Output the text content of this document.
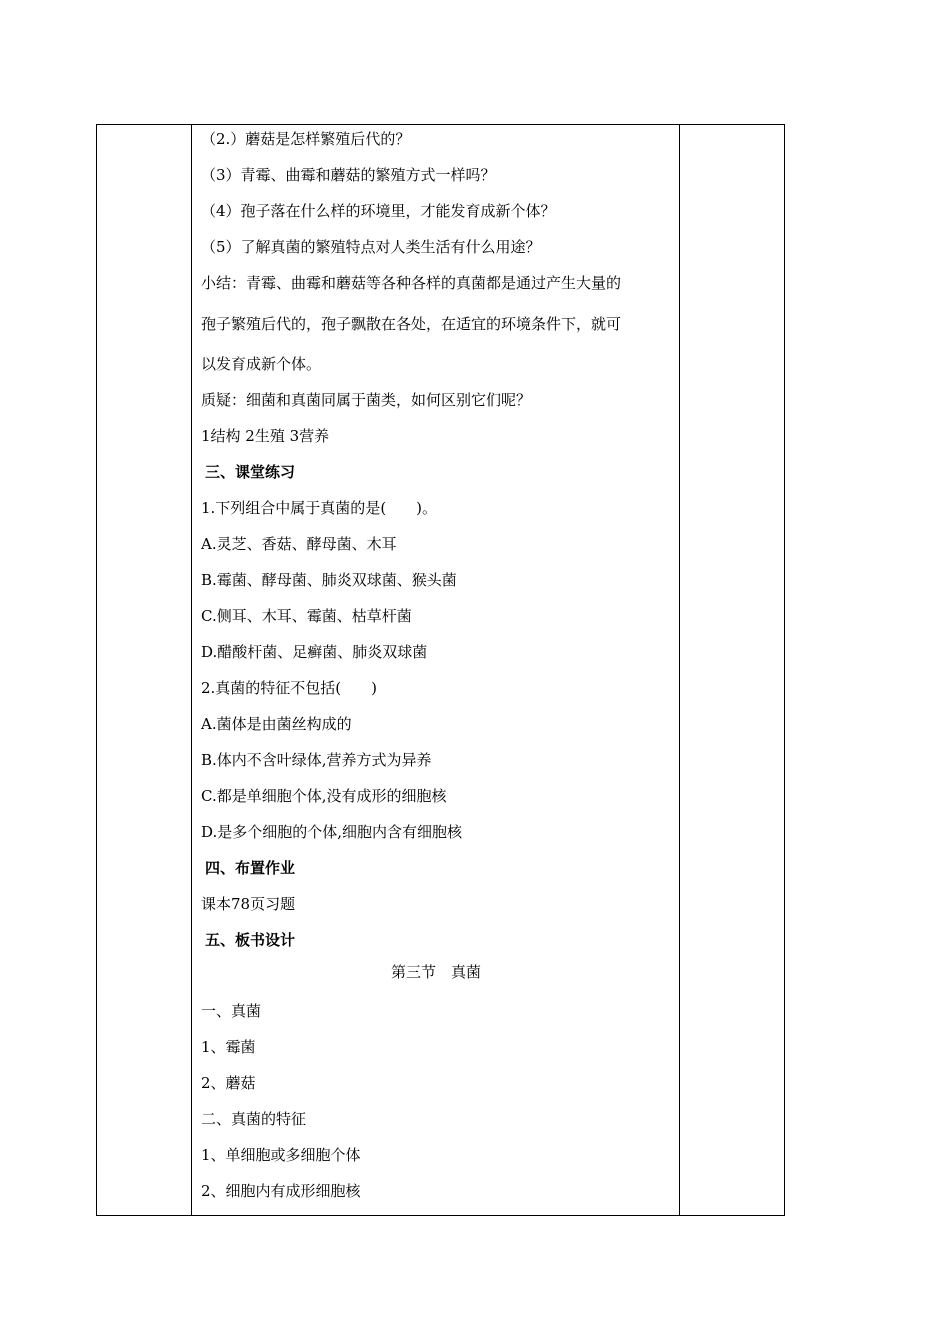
（2.）蘑菇是怎样繁殖后代的？
（3）青霉、曲霉和蘑菇的繁殖方式一样吗？
（4）孢子落在什么样的环境里，才能发育成新个体？
（5）了解真菌的繁殖特点对人类生活有什么用途？
小结：青霉、曲霉和蘑菇等各种各样的真菌都是通过产生大量的
孢子繁殖后代的，孢子飘散在各处，在适宜的环境条件下，就可
以发育成新个体。
质疑：细菌和真菌同属于菌类，如何区别它们呢？
1结构 2生殖 3营养
三、课堂练习
1.下列组合中属于真菌的是(　　)。
A.灵芝、香菇、酵母菌、木耳
B.霉菌、酵母菌、肺炎双球菌、猴头菌
C.侧耳、木耳、霉菌、枯草杆菌
D.醋酸杆菌、足癣菌、肺炎双球菌
2.真菌的特征不包括(　　)
A.菌体是由菌丝构成的
B.体内不含叶绿体,营养方式为异养
C.都是单细胞个体,没有成形的细胞核
D.是多个细胞的个体,细胞内含有细胞核
四、布置作业
课本78页习题
五、板书设计
第三节　真菌
一、真菌
1、霉菌
2、蘑菇
二、真菌的特征
1、单细胞或多细胞个体
2、细胞内有成形细胞核
